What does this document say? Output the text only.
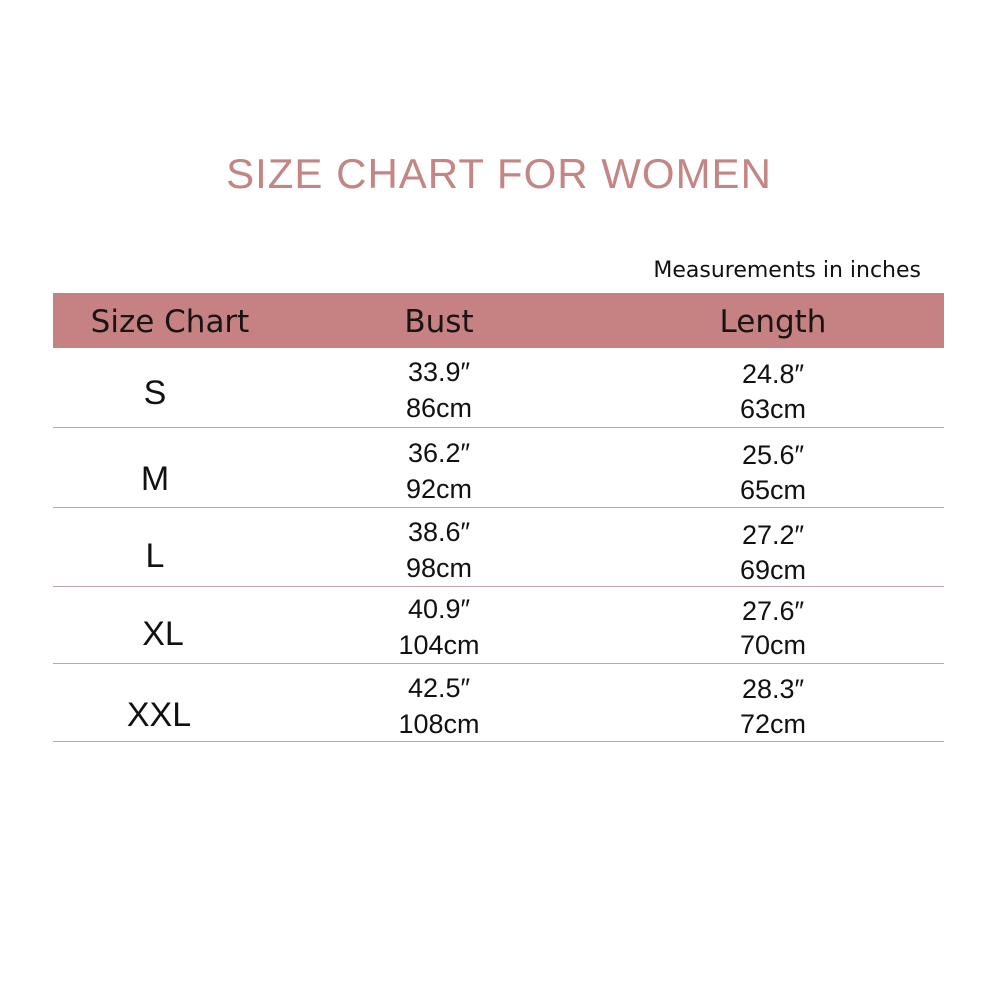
SIZE CHART FOR WOMEN
Measurements in inches
Size Chart	Bust	Length
S
33.9″
86cm
24.8″
63cm
M
36.2″
92cm
25.6″
65cm
L
38.6″
98cm
27.2″
69cm
XL
40.9″
104cm
27.6″
70cm
XXL
42.5″
108cm
28.3″
72cm
